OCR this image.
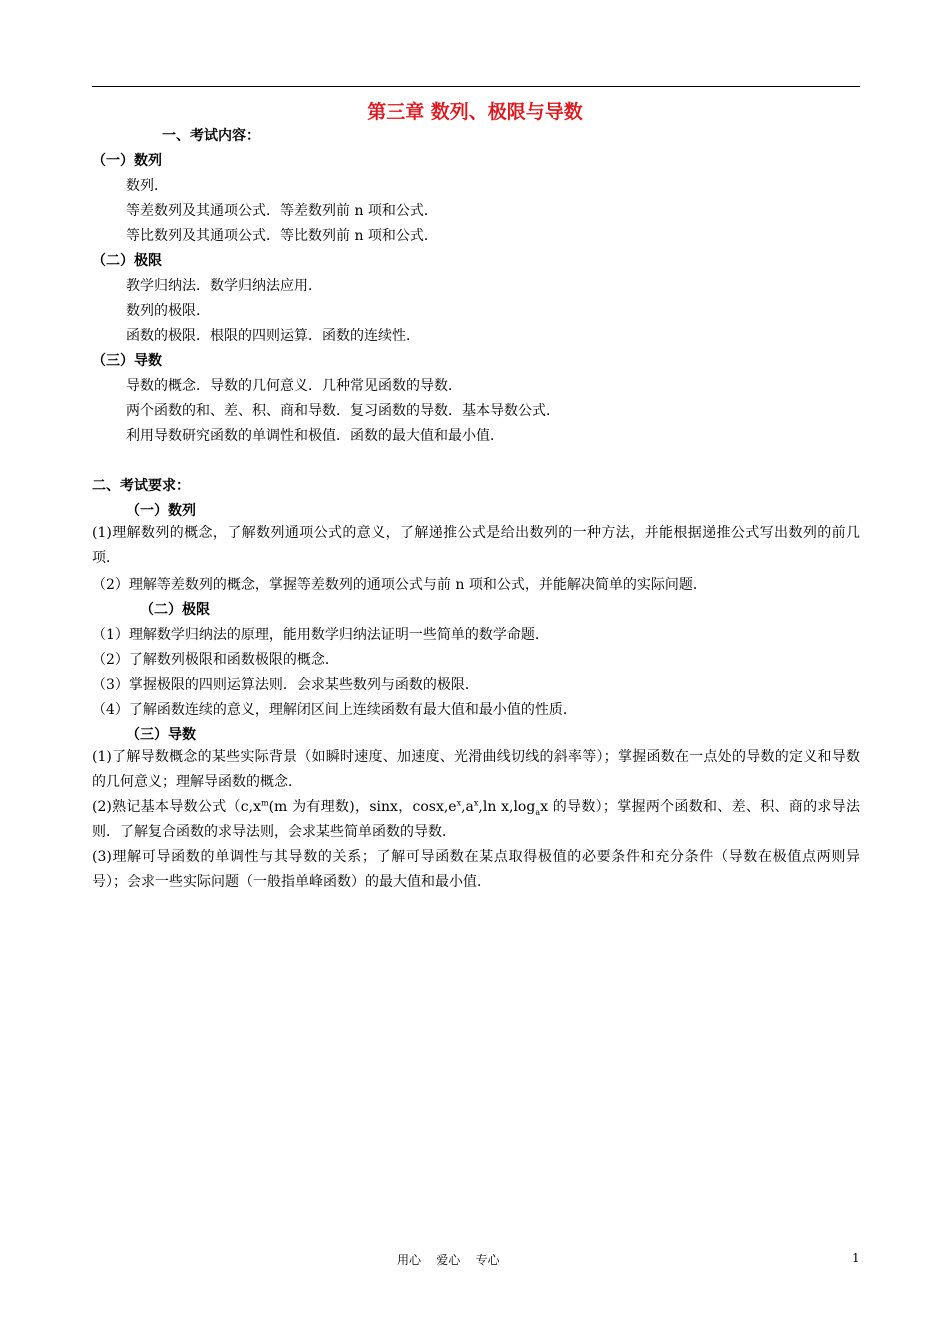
第三章 数列、极限与导数
一、考试内容：
（一）数列
数列．
等差数列及其通项公式．等差数列前 n 项和公式．
等比数列及其通项公式．等比数列前 n 项和公式．
（二）极限
教学归纳法．数学归纳法应用．
数列的极限．
函数的极限．根限的四则运算．函数的连续性．
（三）导数
导数的概念．导数的几何意义．几种常见函数的导数．
两个函数的和、差、积、商和导数．复习函数的导数．基本导数公式．
利用导数研究函数的单调性和极值．函数的最大值和最小值．
二、考试要求：
（一）数列
(1)理解数列的概念，了解数列通项公式的意义，了解递推公式是给出数列的一种方法，并能根据递推公式写出数列的前几项．
（2）理解等差数列的概念，掌握等差数列的通项公式与前 n 项和公式，并能解决简单的实际问题．
（二）极限
（1）理解数学归纳法的原理，能用数学归纳法证明一些简单的数学命题．
（2）了解数列极限和函数极限的概念．
（3）掌握极限的四则运算法则．会求某些数列与函数的极限．
（4）了解函数连续的意义，理解闭区间上连续函数有最大值和最小值的性质．
（三）导数
(1)了解导数概念的某些实际背景（如瞬时速度、加速度、光滑曲线切线的斜率等）；掌握函数在一点处的导数的定义和导数的几何意义；理解导函数的概念．
(2)熟记基本导数公式（$c,x^m(m$ 为有理数)，sinx，$\cos x,e^x,a^x,\ln$ $x,\log_ax$ 的导数）；掌握两个函数和、差、积、商的求导法则．了解复合函数的求导法则，会求某些简单函数的导数．
(3)理解可导函数的单调性与其导数的关系；了解可导函数在某点取得极值的必要条件和充分条件（导数在极值点两则异号）；会求一些实际问题（一般指单峰函数）的最大值和最小值．
用心    爱心    专心	1
